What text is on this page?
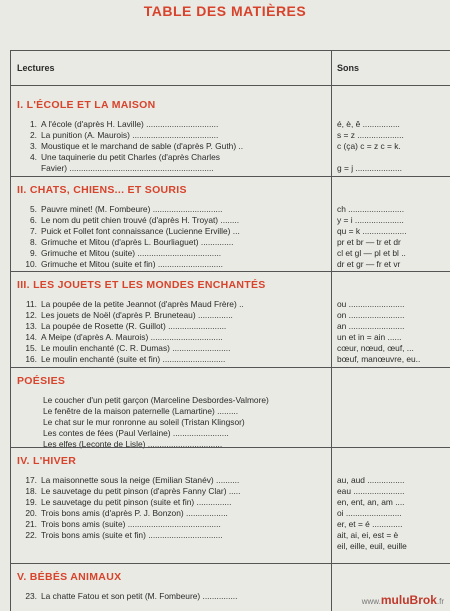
TABLE DES MATIÈRES
Lectures	Sons
I. L'ÉCOLE ET LA MAISON
1. A l'école (d'après H. Laville) ...............................	é, è, ê ................
2. La punition (A. Maurois) .....................................	s = z ....................
3. Moustique et le marchand de sable (d'après P. Guth) ..	c (ça) c = z c = k.
4. Une taquinerie du petit Charles (d'après Charles
Favier) ..............................................................	g = j ....................
II. CHATS, CHIENS... ET SOURIS
5. Pauvre minet! (M. Fombeure) ..............................	ch ........................
6. Le nom du petit chien trouvé (d'après H. Troyat) ........	y = i .....................
7. Puick et Follet font connaissance (Lucienne Erville) ...	qu = k ...................
8. Grimuche et Mitou (d'après L. Bourliaguet) ..............	pr et br — tr et dr
9. Grimuche et Mitou (suite) ....................................	cl et gl — pl et bl ..
10. Grimuche et Mitou (suite et fin) ............................	dr et gr — fr et vr
III. LES JOUETS ET LES MONDES ENCHANTÉS
11. La poupée de la petite Jeannot (d'après Maud Frère) ..	ou ........................
12. Les jouets de Noël (d'après P. Bruneteau) ...............	on ........................
13. La poupée de Rosette (R. Guillot) .........................	an ........................
14. A Meipe (d'après A. Maurois) ...............................	un et in = ain ......
15. Le moulin enchanté (C. R. Dumas) .........................	cœur, nœud, œuf, ...
16. Le moulin enchanté (suite et fin) ...........................	bœuf, manœuvre, eu..
POÉSIES
Le coucher d'un petit garçon (Marceline Desbordes-Valmore)
Le fenêtre de la maison paternelle (Lamartine) .........
Le chat sur le mur ronronne au soleil (Tristan Klingsor)
Les contes de fées (Paul Verlaine) ........................
Les elfes (Leconte de Lisle) ................................
IV. L'HIVER
17. La maisonnette sous la neige (Emilian Stanév) ..........	au, aud ................
18. Le sauvetage du petit pinson (d'après Fanny Clar) .....	eau ......................
19. Le sauvetage du petit pinson (suite et fin) ...............	en, ent, an, am ....
20. Trois bons amis (d'après P. J. Bonzon) ..................	oi ........................
21. Trois bons amis (suite) ........................................	er, et = é .............
22. Trois bons amis (suite et fin) ................................	ait, ai, ei, est = è
eil, eille, euil, euille
V. BÉBÉS ANIMAUX
23. La chatte Fatou et son petit (M. Fombeure) ...............
www.muluBrok.fr
